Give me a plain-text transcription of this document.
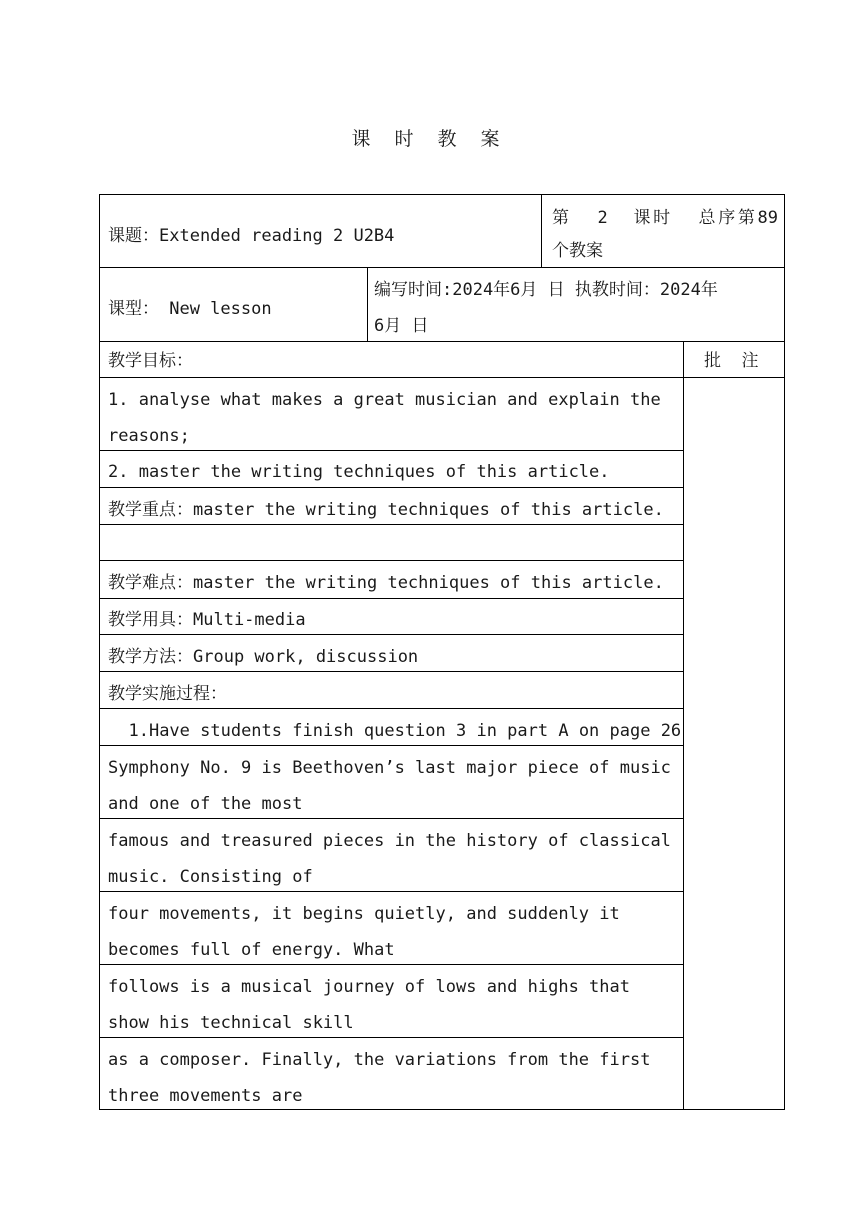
课 时 教 案
课题：Extended reading 2 U2B4
第  2  课时  总序第89
个教案
课型： New lesson
编写时间:2024年6月 日 执教时间：2024年
6月 日
教学目标：	批  注
1. analyse what makes a great musician and explain the reasons;
2. master the writing techniques of this article.
教学重点：master the writing techniques of this article.
教学难点：master the writing techniques of this article.
教学用具：Multi-media
教学方法：Group work, discussion
教学实施过程：
1.Have students finish question 3 in part A on page 26
Symphony No. 9 is Beethoven’s last major piece of music and one of the most
famous and treasured pieces in the history of classical music. Consisting of
four movements, it begins quietly, and suddenly it becomes full of energy. What
follows is a musical journey of lows and highs that show his technical skill
as a composer. Finally, the variations from the first three movements are
